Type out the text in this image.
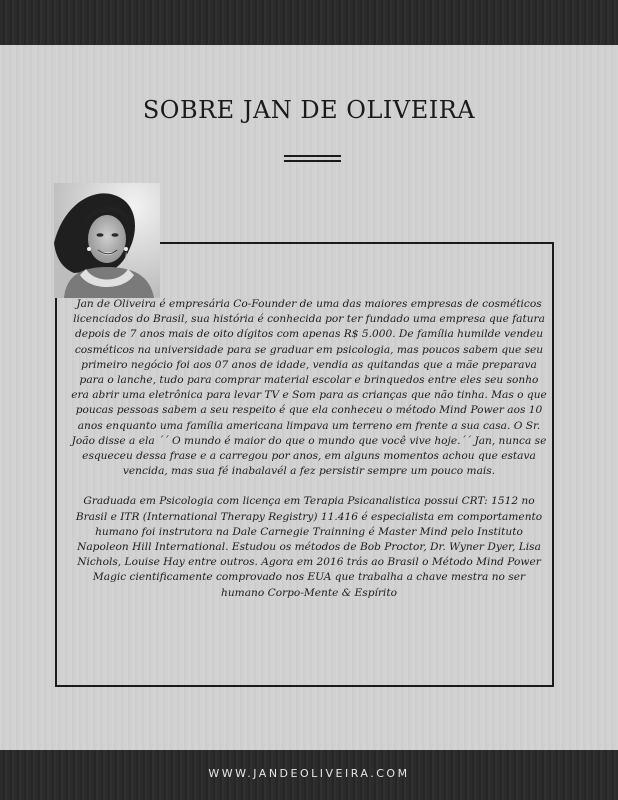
SOBRE JAN DE OLIVEIRA

Jan de Oliveira é empresária Co-Founder de uma das maiores empresas de cosméticos licenciados do Brasil, sua história é conhecida por ter fundado uma empresa que fatura depois de 7 anos mais de oito dígitos com apenas R$ 5.000. De família humilde vendeu cosméticos na universidade para se graduar em psicologia, mas poucos sabem que seu primeiro negócio foi aos 07 anos de idade, vendia as quitandas que a mãe preparava para o lanche, tudo para comprar material escolar e brinquedos entre eles seu sonho era abrir uma eletrônica para levar TV e Som para as crianças que não tinha. Mas o que poucas pessoas sabem a seu respeito é que ela conheceu o método Mind Power aos 10 anos enquanto uma família americana limpava um terreno em frente a sua casa. O Sr. João disse a ela ´´ O mundo é maior do que o mundo que você vive hoje.´´ Jan, nunca se esqueceu dessa frase e a carregou por anos, em alguns momentos achou que estava vencida, mas sua fé inabalavél a fez persistir sempre um pouco mais.

Graduada em Psicologia com licença em Terapia Psicanalistica possui CRT: 1512 no Brasil e ITR (International Therapy Registry) 11.416 é especialista em comportamento humano foi instrutora na Dale Carnegie Trainning é Master Mind pelo Instituto Napoleon Hill International. Estudou os métodos de Bob Proctor, Dr. Wyner Dyer, Lisa Nichols, Louise Hay entre outros. Agora em 2016 trás ao Brasil o Método Mind Power Magic cientificamente comprovado nos EUA que trabalha a chave mestra no ser humano Corpo-Mente & Espírito

WWW.JANDEOLIVEIRA.COM
